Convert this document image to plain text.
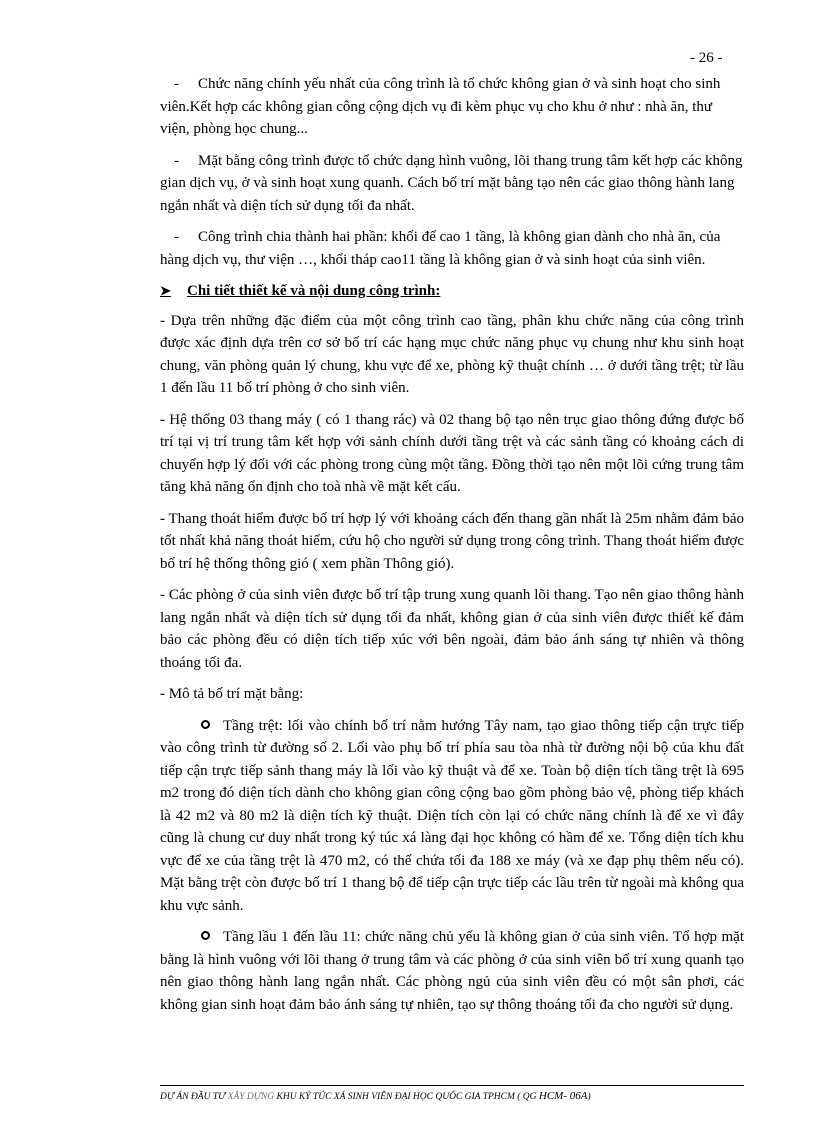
- 26 -

- Chức năng chính yếu nhất của công trình là tổ chức không gian ở và sinh hoạt cho sinh viên.Kết hợp các không gian công cộng dịch vụ đi kèm phục vụ cho khu ở như : nhà ăn, thư viện, phòng học chung...

- Mặt bằng công trình được tổ chức dạng hình vuông, lõi thang trung tâm kết hợp các không gian dịch vụ, ở và sinh hoạt xung quanh. Cách bố trí mặt bằng tạo nên các giao thông hành lang ngắn nhất và diện tích sử dụng tối đa nhất.

- Công trình chia thành hai phần: khối đế cao 1 tầng, là không gian dành cho nhà ăn, của hàng dịch vụ, thư viện …, khối tháp cao11 tầng là không gian ở và sinh hoạt của sinh viên.

➤	Chi tiết thiết kế và nội dung công trình:

- Dựa trên những đặc điểm của một công trình cao tầng, phân khu chức năng của công trình được xác định dựa trên cơ sở bố trí các hạng mục chức năng phục vụ chung như khu sinh hoạt chung, văn phòng quản lý chung, khu vực để xe, phòng kỹ thuật chính … ở dưới tầng trệt; từ lầu 1 đến lầu 11 bố trí phòng ở cho sinh viên.

- Hệ thống 03 thang máy ( có 1 thang rác) và 02 thang bộ tạo nên trục giao thông đứng được bố trí tại vị trí trung tâm kết hợp với sảnh chính dưới tầng trệt và các sảnh tầng có khoảng cách di chuyển hợp lý đối với các phòng trong cùng một tầng. Đồng thời tạo nên một lõi cứng trung tâm tăng khả năng ổn định cho toà nhà về mặt kết cấu.

- Thang thoát hiểm được bố trí hợp lý với khoảng cách đến thang gần nhất là 25m nhằm đảm bảo tốt nhất khả năng thoát hiểm, cứu hộ cho người sử dụng trong công trình. Thang thoát hiểm được bố trí hệ thống thông gió ( xem phần Thông gió).

- Các phòng ở của sinh viên được bố trí tập trung xung quanh lõi thang. Tạo nên giao thông hành lang ngắn nhất và diện tích sử dụng tối đa nhất, không gian ở của sinh viên được thiết kế đảm bảo các phòng đều có diện tích tiếp xúc với bên ngoài, đảm bảo ánh sáng tự nhiên và thông thoáng tối đa.

- Mô tả bố trí mặt bằng:

Tầng trệt: lối vào chính bố trí nằm hướng Tây nam, tạo giao thông tiếp cận trực tiếp vào công trình từ đường số 2. Lối vào phụ bố trí phía sau tòa nhà từ đường nội bộ của khu đất tiếp cận trực tiếp sảnh thang máy là lối vào kỹ thuật và để xe. Toàn bộ diện tích tầng trệt là 695 m2 trong đó diện tích dành cho không gian công cộng bao gồm phòng bảo vệ, phòng tiếp khách là 42 m2 và 80 m2 là diện tích kỹ thuật. Diện tích còn lại có chức năng chính là để xe vì đây cũng là chung cư duy nhất trong ký túc xá làng đại học không có hầm để xe. Tổng diện tích khu vực để xe của tầng trệt là 470 m2, có thể chứa tối đa 188 xe máy (và xe đạp phụ thêm nếu có). Mặt bằng trệt còn được bố trí 1 thang bộ để tiếp cận trực tiếp các lầu trên từ ngoài mà không qua khu vực sảnh.

Tầng lầu 1 đến lầu 11: chức năng chủ yếu là không gian ở của sinh viên. Tổ hợp mặt bằng là hình vuông với lõi thang ở trung tâm và các phòng ở của sinh viên bố trí xung quanh tạo nên giao thông hành lang ngắn nhất. Các phòng ngủ của sinh viên đều có một sân phơi, các không gian sinh hoạt đảm bảo ánh sáng tự nhiên, tạo sự thông thoáng tối đa cho người sử dụng.

DỰ ÁN ĐẦU TƯ XÂY DỰNG KHU KÝ TÚC XÁ SINH VIÊN ĐẠI HỌC QUỐC GIA TPHCM ( QG HCM- 06A)
